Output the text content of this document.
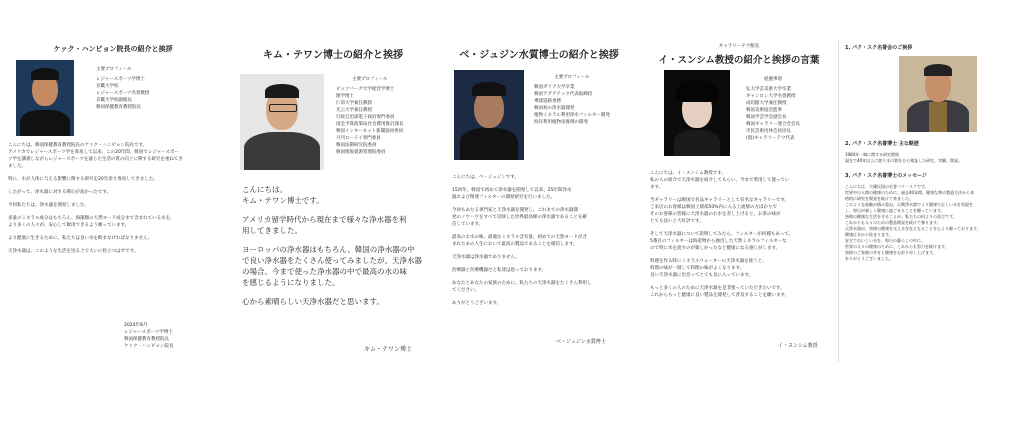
ケァク・ハンビョン院長の紹介と挨拶
主要プロフィール
レジャースポーツ学博士
京畿大学校
レジャースポーツ名誉教授
京畿大学校副総長
韓国保健教育教授院長

こんにちは。韓国保健教育教授院長のケァク・ハンビョン院長です。

アメリカでレジャースポーツ学を専攻して以来、この20年間、韓国でレジャースポー

ツ学を講義しながらレジャースポーツを通じた生活の質の向上に関する研究を重ねてき

ました。

特に、水が人体に与える影響に関する研究を20年余り専攻してきました。

したがって、浄水器に対する関心が高かったです。

今回私たちは、浄水器を開発しました。

多量のミネラル成分はもちろん、海藻類の天然ヨード成分まで含まれている水を、

より多くの人々が、安心して飲用できるよう願っています。

より健康に生きるために、私たちは良い水を飲まなければなりません。

天浄水器は、このような生活を送る上で大いに役立つはずです。

2024年8月
レジャースポーツ学博士
韓国保健教育教授院長
ケァク・ハンビョン院長
キム・テワン博士の紹介と挨拶
主要プロフィール
ピッツバーグ大学経営学博士
理学博士
仁荷大学兼任教授
光云大学兼任教授
行政自治部電子政府専門委員
国会予算政策局社会費用推計課長
韓国インターネット新聞協同委員
月刊ロードイ専門委員
韓国法制研究院委員
韓国情報資源管理院委員

こんにちは。

キム・テワン博士です。

アメリカ留学時代から現在まで様々な浄水器を利

用してきました。

ヨーロッパの浄水器はもちろん、韓国の浄水器の中

で良い浄水器をたくさん使ってみましたが、天浄水器

の場合、今まで使った浄水器の中で最高の水の味

を感じるようになりました。

心から素晴らしい天浄水器だと思います。

キム・テワン博士
ベ・ジュジン水質博士の紹介と挨拶
主要プロフィール
韓国ガリア大学卒業
韓国アグアテック代表取締役
乗建道路専務
韓国初の浄水器開発
植物ミネラル利用浄水フィルター開発
海洋利用植物栄養剤の開発

こんにちは、ベ・ジュジンです。

15回年、韓国で初めて浄水器を開発して以来、25年間浄水

器および関連フィルターの開発研究を行いました。

今回もあたる専門家と天浄水器を開発し、これまでの浄水器開

発のノウハウをすべて反映した世界最高峰の浄水器であることを確

信しています。

最高のお水の味、最適なミネラル含有量、初めての天然ヨードが含

まれたあの人生において最高の製品であることを確信します。

天浄水器は浄水器でありません。

治療器と医療機器だと私達は思っております。

あなたとあなたの家族のために、私たちの天浄水器をたくさん利用し

てください。

ありがとうございます。

ベ・ジュジン水質博士
ギャラリーテウ館長
イ・スンシム教授の紹介と挨拶の言葉
経歴事項
弘大学芸美術大学卒業
ギャンロン大学名誉教授
成均館大学兼任教授
韓国美術協会監事
韓国学芸学会副会長
韓国ギャラリー連合会会長
市民芸術団体会員団長
(現)ギャラリーテウ代表

こんにちは、イ・スンシム教授です。

私の人の紹介で天浄水器を紹介してもらい、今まで愛用して使ってい

ます。

当ギャラリーは韓国で名品ギャラリーとして有名なギャラリーです。

ご来店のお客様は韓国上層部50%内に入る上流層の方ばかりで

そのお客様の皆様に天浄水器のお水を差し上げると、お茶の味が

とても良いと大好評です。

そして天浄水器について説明してみたら、フィルターが何種もあって、

5番目のフィルターは海産物から抽出した天然ミネラルフィルターな

ので特に水を流すのが楽しかったなと健康になる感じがします。

料理を作る時にミネラルウォーターの天浄水器を使うと、

料理の味が一層して料理の味がよくなります。

良い天浄水器に出会ってとても気に入っています。

もっと多くの人のために天浄水器を是非使っていただきたいです。

これからもっと健康に良い製品を開発して普及することを願います。

イ・スンシム教授
1. パク・スク名誉会のご挨拶
2. パク・スク名誉博士 主な略歴
1984年一端に関する研究開始
現在で40年以上に渡り水の質を自ら検証した研究、実験、開発。
3. パク・スク名誉博士のメッセージ
こんにちは、大韓民国の名誉パク・スクです。
世界中の人間の健康のために、過去40年間、健康な物の製造方法から本
格的に研究を開発を続けて来ました。
このような経験が積み重ね、天興浄水器でより健康で正しい水を実現を
し、毎日が楽しく健康に過ごせることを願っています。
皆様の健康な生活を守ることが、私たちの何よりの喜びです。
これからも人々のための製品開発を続けて参ります。
天浄水器が、皆様の健康を支える存在となることを心より願っております。
健康は水から始まります。
安全でおいしい水を、毎日の暮らしの中に。
世界の人々の健康のために、これからも努力を続けます。
皆様のご家族の幸せと健康をお祈り申し上げます。
ありがとうございました。
